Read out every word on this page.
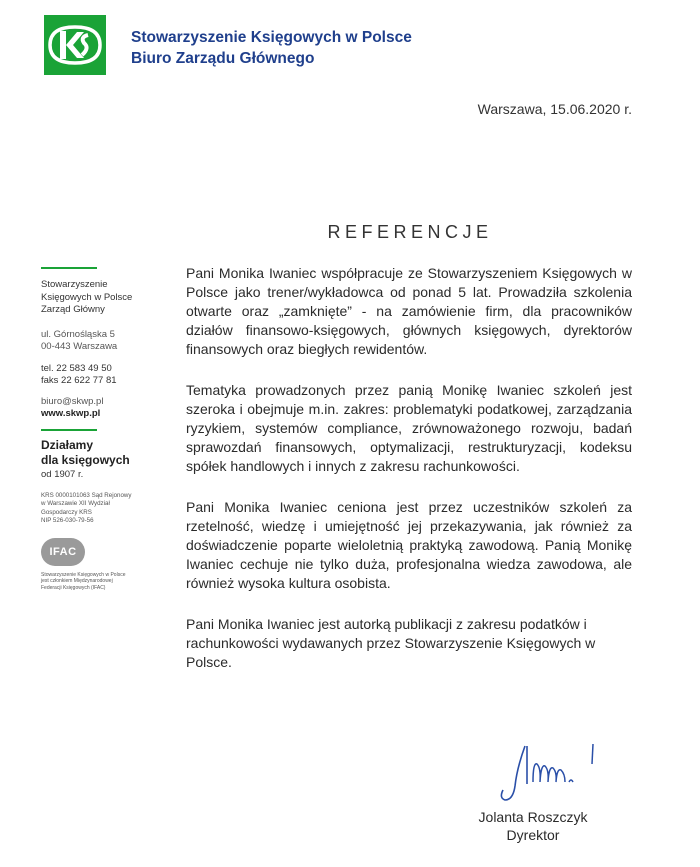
Stowarzyszenie Księgowych w Polsce
Biuro Zarządu Głównego
Warszawa, 15.06.2020 r.
REFERENCJE
Stowarzyszenie
Księgowych w Polsce
Zarząd Główny
ul. Górnośląska 5
00-443 Warszawa
tel. 22 583 49 50
faks 22 622 77 81
biuro@skwp.pl
www.skwp.pl
Działamy
dla księgowych
od 1907 r.
KRS 0000101063 Sąd Rejonowy
w Warszawie XII Wydział
Gospodarczy KRS
NIP 526-030-79-56
IFAC
Stowarzyszenie Księgowych w Polsce
jest członkiem Międzynarodowej
Federacji Księgowych (IFAC)

Pani Monika Iwaniec współpracuje ze Stowarzyszeniem Księgowych w Polsce jako trener/wykładowca od ponad 5 lat. Prowadziła szkolenia otwarte oraz „zamknięte” - na zamówienie firm, dla pracowników działów finansowo-księgowych, głównych księgowych, dyrektorów finansowych oraz biegłych rewidentów.

Tematyka prowadzonych przez panią Monikę Iwaniec szkoleń jest szeroka i obejmuje m.in. zakres: problematyki podatkowej, zarządzania ryzykiem, systemów compliance, zrównoważonego rozwoju, badań sprawozdań finansowych, optymalizacji, restrukturyzacji, kodeksu spółek handlowych i innych z zakresu rachunkowości.

Pani Monika Iwaniec ceniona jest przez uczestników szkoleń za rzetelność, wiedzę i umiejętność jej przekazywania, jak również za doświadczenie poparte wieloletnią praktyką zawodową. Panią Monikę Iwaniec cechuje nie tylko duża, profesjonalna wiedza zawodowa, ale również wysoka kultura osobista.

Pani Monika Iwaniec jest autorką publikacji z zakresu podatków i rachunkowości wydawanych przez Stowarzyszenie Księgowych w Polsce.

Jolanta Roszczyk
Dyrektor
